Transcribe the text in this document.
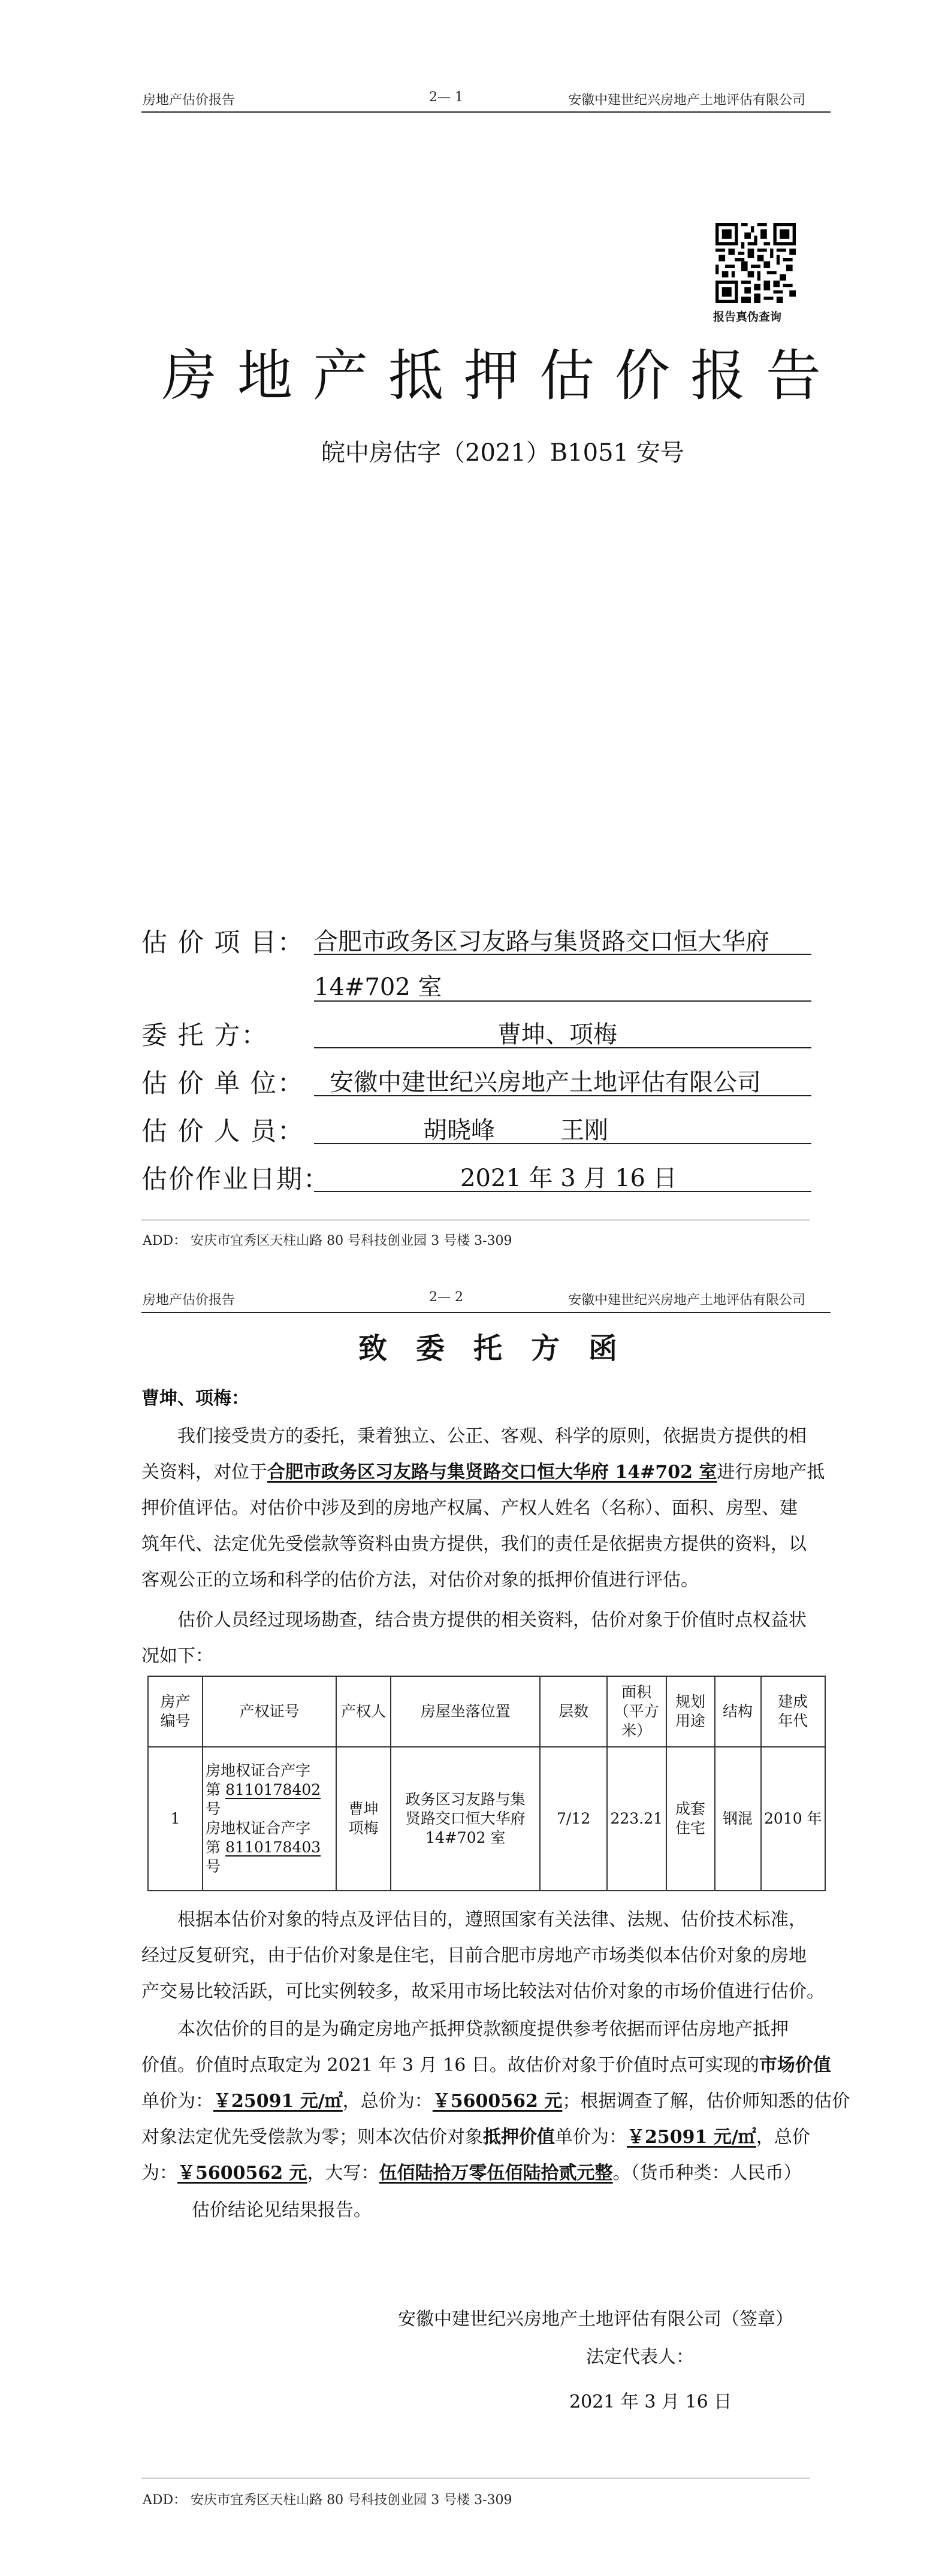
房地产估价报告	2— 1	安徽中建世纪兴房地产土地评估有限公司
报告真伪查询
房地产抵押估价报告
皖中房估字（2021）B1051 安号
估 价 项 目： 合肥市政务区习友路与集贤路交口恒大华府
14#702 室
委 托 方：	曹坤、项梅
估 价 单 位： 安徽中建世纪兴房地产土地评估有限公司
估 价 人 员：	胡晓峰	王刚
估价作业日期：	2021 年 3 月 16 日
ADD： 安庆市宜秀区天柱山路 80 号科技创业园 3 号楼 3-309
房地产估价报告	2— 2	安徽中建世纪兴房地产土地评估有限公司
致委托方函
曹坤、项梅：
我们接受贵方的委托，秉着独立、公正、客观、科学的原则，依据贵方提供的相
关资料，对位于合肥市政务区习友路与集贤路交口恒大华府 14#702 室进行房地产抵
押价值评估。对估价中涉及到的房地产权属、产权人姓名（名称）、面积、房型、建
筑年代、法定优先受偿款等资料由贵方提供，我们的责任是依据贵方提供的资料，以
客观公正的立场和科学的估价方法，对估价对象的抵押价值进行评估。
估价人员经过现场勘查，结合贵方提供的相关资料，估价对象于价值时点权益状
况如下：
房产
编号	产权证号	产权人	房屋坐落位置	层数	面积
（平方
米）	规划
用途	结构	建成
年代
1	房地权证合产字
第 8110178402 号
房地权证合产字
第 8110178403 号	曹坤
项梅	政务区习友路与集
贤路交口恒大华府
14#702 室	7/12	223.21	成套
住宅	钢混	2010 年
根据本估价对象的特点及评估目的，遵照国家有关法律、法规、估价技术标准，
经过反复研究，由于估价对象是住宅，目前合肥市房地产市场类似本估价对象的房地
产交易比较活跃，可比实例较多，故采用市场比较法对估价对象的市场价值进行估价。
本次估价的目的是为确定房地产抵押贷款额度提供参考依据而评估房地产抵押
价值。价值时点取定为 2021 年 3 月 16 日。故估价对象于价值时点可实现的市场价值
单价为：￥25091 元/㎡，总价为：￥5600562 元；根据调查了解，估价师知悉的估价
对象法定优先受偿款为零；则本次估价对象抵押价值单价为：￥25091 元/㎡，总价
为：￥5600562 元，大写：伍佰陆拾万零伍佰陆拾贰元整。（货币种类：人民币）
估价结论见结果报告。
安徽中建世纪兴房地产土地评估有限公司（签章）
法定代表人：
2021 年 3 月 16 日
ADD： 安庆市宜秀区天柱山路 80 号科技创业园 3 号楼 3-309
